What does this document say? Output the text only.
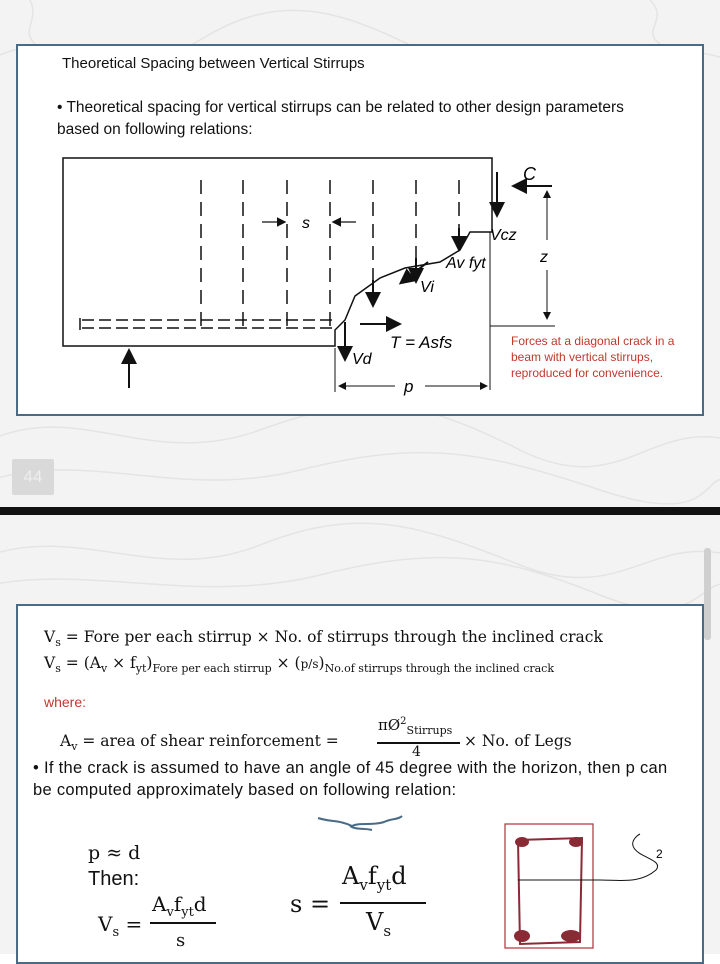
Theoretical Spacing between Vertical Stirrups
• Theoretical spacing for vertical stirrups can be related to other design parameters based on following relations:
C
Vcz
z
s
Av fyt
Vi
T = Asfs
Vd
p
Forces at a diagonal crack in a beam with vertical stirrups, reproduced for convenience.
44
$V_s$ = Fore per each stirrup × No. of stirrups through the inclined crack
$V_s = (A_v \times f_{yt})_{Fore per each stirrup} \times (p/s)_{No.of stirrups through the inclined crack}$
where:
$A_v$ = area of shear reinforcement =
$\pi Ø^2_{Stirrups}$
4
× No. of Legs
• If the crack is assumed to have an angle of 45 degree with the horizon, then p can be computed approximately based on following relation:
2
p ≈ d
Then:
$V_s$ =
$A_vf_{yt}d$
s
s =
$A_vf_{yt}d$
$V_s$
